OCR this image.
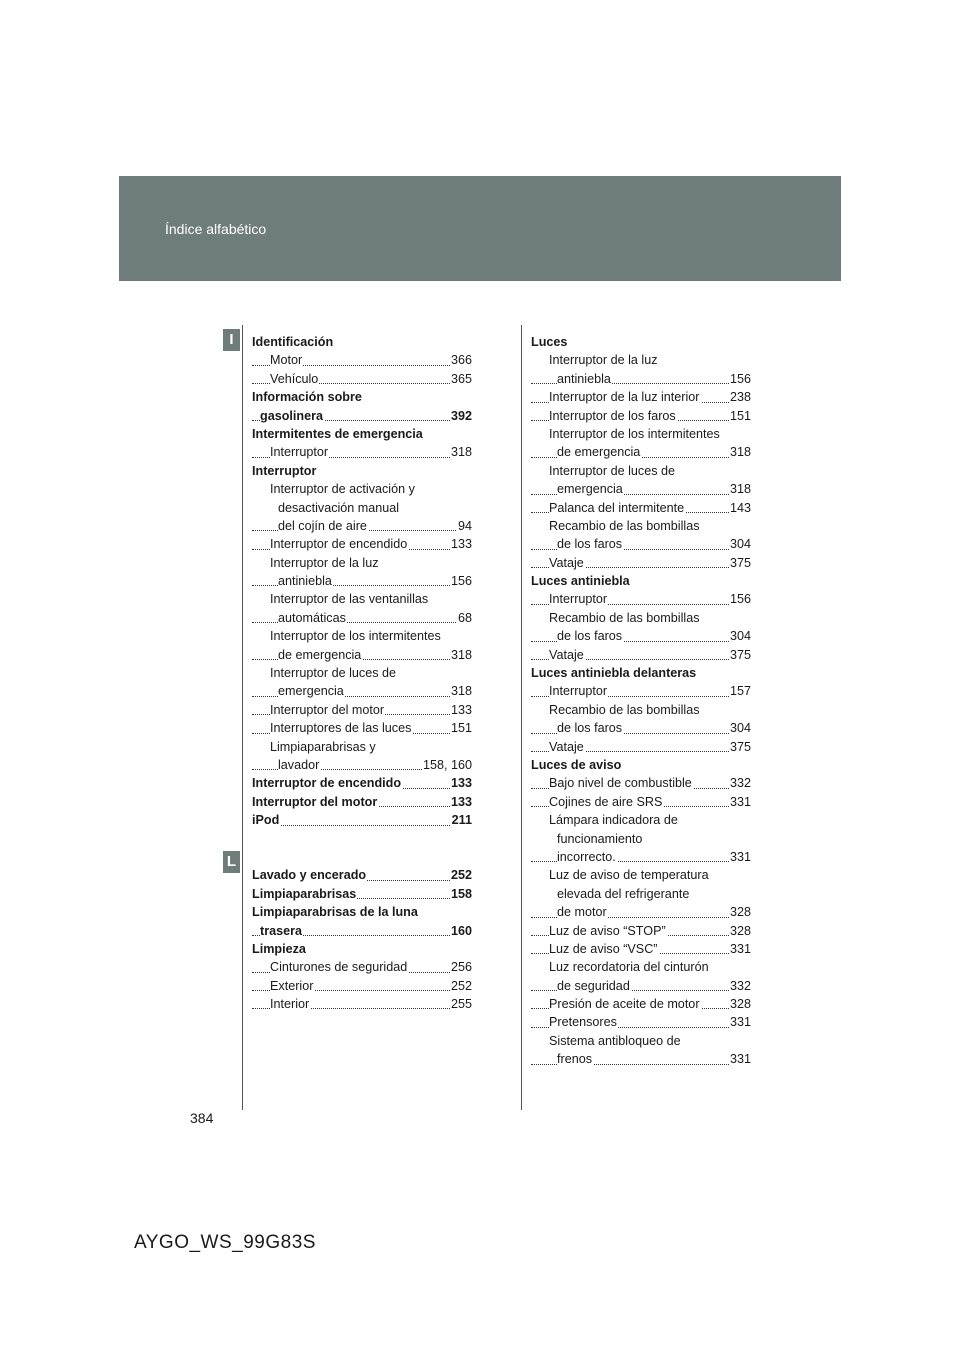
Índice alfabético
I
L
Identificación
Motor	366
Vehículo	365
Información sobre
gasolinera	392
Intermitentes de emergencia
Interruptor	318
Interruptor
Interruptor de activación y
desactivación manual
del cojín de aire	94
Interruptor de encendido	133
Interruptor de la luz
antiniebla	156
Interruptor de las ventanillas
automáticas	68
Interruptor de los intermitentes
de emergencia	318
Interruptor de luces de
emergencia	318
Interruptor del motor	133
Interruptores de las luces	151
Limpiaparabrisas y
lavador	158, 160
Interruptor de encendido	133
Interruptor del motor	133
iPod	211
Lavado y encerado	252
Limpiaparabrisas	158
Limpiaparabrisas de la luna
trasera	160
Limpieza
Cinturones de seguridad	256
Exterior	252
Interior	255
Luces
Interruptor de la luz
antiniebla	156
Interruptor de la luz interior 238
Interruptor de los faros	151
Interruptor de los intermitentes
de emergencia	318
Interruptor de luces de
emergencia	318
Palanca del intermitente	143
Recambio de las bombillas
de los faros	304
Vataje	375
Luces antiniebla
Interruptor	156
Recambio de las bombillas
de los faros	304
Vataje	375
Luces antiniebla delanteras
Interruptor	157
Recambio de las bombillas
de los faros	304
Vataje	375
Luces de aviso
Bajo nivel de combustible	332
Cojines de aire SRS	331
Lámpara indicadora de
funcionamiento
incorrecto.	331
Luz de aviso de temperatura
elevada del refrigerante
de motor	328
Luz de aviso “STOP”	328
Luz de aviso “VSC”	331
Luz recordatoria del cinturón
de seguridad	332
Presión de aceite de motor 328
Pretensores	331
Sistema antibloqueo de
frenos	331
384
AYGO_WS_99G83S
